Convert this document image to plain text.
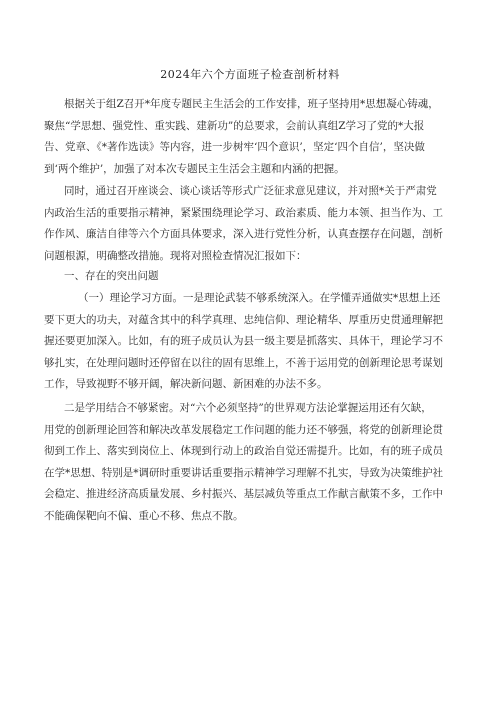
2024年六个方面班子检查剖析材料
根据关于组Z召开*年度专题民主生活会的工作安排，班子坚持用*思想凝心铸魂，
聚焦“学思想、强党性、重实践、建新功”的总要求，会前认真组Z学习了党的*大报
告、党章、《*著作选读》等内容，进一步树牢‘四个意识’，坚定‘四个自信’，坚决做
到‘两个维护’，加强了对本次专题民主生活会主题和内涵的把握。
同时，通过召开座谈会、谈心谈话等形式广泛征求意见建议，并对照*关于严肃党
内政治生活的重要指示精神，紧紧围绕理论学习、政治素质、能力本领、担当作为、工
作作风、廉洁自律等六个方面具体要求，深入进行党性分析，认真查摆存在问题，剖析
问题根源，明确整改措施。现将对照检查情况汇报如下：
一、存在的突出问题
（一）理论学习方面。一是理论武装不够系统深入。在学懂弄通做实*思想上还
要下更大的功夫，对蕴含其中的科学真理、忠纯信仰、理论精华、厚重历史贯通理解把
握还要更加深入。比如，有的班子成员认为县一级主要是抓落实、具体干，理论学习不
够扎实，在处理问题时还停留在以往的固有思维上，不善于运用党的创新理论思考谋划
工作，导致视野不够开阔，解决新问题、新困难的办法不多。
二是学用结合不够紧密。对“六个必须坚持”的世界观方法论掌握运用还有欠缺，
用党的创新理论回答和解决改革发展稳定工作问题的能力还不够强，将党的创新理论贯
彻到工作上、落实到岗位上、体现到行动上的政治自觉还需提升。比如，有的班子成员
在学*思想、特别是*调研时重要讲话重要指示精神学习理解不扎实，导致为决策维护社
会稳定、推进经济高质量发展、乡村振兴、基层减负等重点工作献言献策不多，工作中
不能确保靶向不偏、重心不移、焦点不散。
